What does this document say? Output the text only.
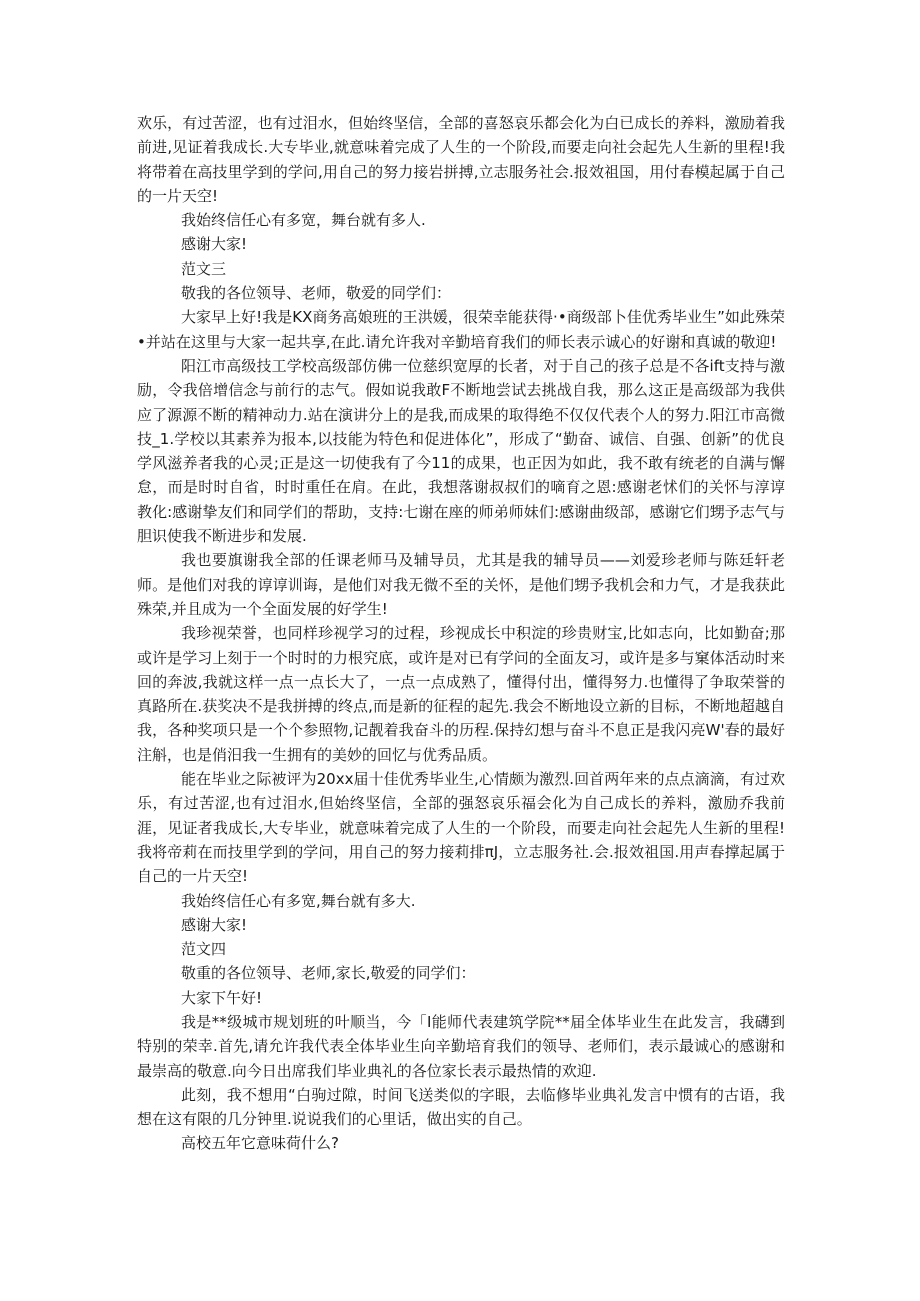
欢乐，有过苦涩，也有过泪水，但始终坚信，全部的喜怒哀乐都会化为白已成长的养料，激励着我前进,见证着我成长.大专毕业,就意味着完成了人生的一个阶段,而要走向社会起先人生新的里程!我将带着在高技里学到的学问,用自己的努力接岩拼搏,立志服务社会.报效祖国，用付春模起属于自己的一片天空!

我始终信任心有多宽，舞台就有多人.

感谢大家!

范文三

敬我的各位领导、老师，敬爱的同学们：

大家早上好!我是KX商务高娘班的王洪媛，很荣幸能获得·•商级部卜佳优秀毕业生”如此殊荣•并站在这里与大家一起共享,在此.请允许我对辛勤培育我们的师长表示诚心的好谢和真诚的敬迎!

阳江市高级技工学校高级部仿佛一位慈织宽厚的长者，对于自己的孩子总是不各ift支持与激励，令我倍增信念与前行的志气。假如说我敢F不断地尝试去挑战自我，那么这正是高级部为我供应了源源不断的精神动力.站在演讲分上的是我,而成果的取得绝不仅仅代表个人的努力.阳江市高微技_1.学校以其素养为报本,以技能为特色和促进体化”，形成了“勤奋、诚信、自强、创新”的优良学风滋养者我的心灵;正是这一切使我有了今11的成果，也正因为如此，我不敢有统老的自满与懈怠，而是时时自省，时时重任在肩。在此，我想落谢叔叔们的嘀育之恩:感谢老怵们的关怀与淳谆教化:感谢挚友们和同学们的帮助，支持:七谢在座的师弟师妹们:感谢曲级部，感谢它们甥予志气与胆识使我不断进步和发展.

我也要旗谢我全部的任课老师马及辅导员，尤其是我的辅导员——刘爱珍老师与陈廷轩老师。是他们对我的谆谆训诲，是他们对我无微不至的关怀，是他们甥予我机会和力气，才是我获此殊荣,并且成为一个全面发展的好学生!

我珍视荣誉，也同样珍视学习的过程，珍视成长中积淀的珍贵财宝,比如志向，比如勤奋;那或许是学习上刻于一个时时的力根究底，或许是对已有学问的全面友习，或许是多与窠体活动时来回的奔波,我就这样一点一点长大了，一点一点成熟了，懂得付出，懂得努力.也懂得了争取荣誉的真路所在.获奖决不是我拼搏的终点,而是新的征程的起先.我会不断地设立新的目标，不断地超越自我，各种奖项只是一个个参照物,记靓着我奋斗的历程.保持幻想与奋斗不息正是我闪亮W'春的最好注斛，也是俏汨我一生拥有的美妙的回忆与优秀品质。

能在毕业之际被评为20xx届十佳优秀毕业生,心情颇为激烈.回首两年来的点点滴滴，有过欢乐，有过苦涩,也有过泪水,但始终坚信，全部的强怒哀乐福会化为自己成长的养料，激励乔我前涯，见证者我成长,大专毕业，就意味着完成了人生的一个阶段，而要走向社会起先人生新的里程!我将帝莉在而技里学到的学问，用自己的努力接莉排πJ，立志服务社.会.报效祖国.用声春撑起属于自己的一片天空!

我始终信任心有多宽,舞台就有多大.

感谢大家!

范文四

敬重的各位领导、老师,家长,敬爱的同学们：

大家下午好!

我是**级城市规划班的叶顺当，今「I能师代表建筑学院**届全体毕业生在此发言，我礴到特别的荣幸.首先,请允许我代表全体毕业生向辛勤培育我们的领导、老师们，表示最诚心的感谢和最崇高的敬意.向今日出席我们毕业典礼的各位家长表示最热情的欢迎.

此刻，我不想用“白驹过隙，时间飞送类似的字眼，去临修毕业典礼发言中惯有的古语，我想在这有限的几分钟里.说说我们的心里话，做出实的自己。

高校五年它意味荷什么?
